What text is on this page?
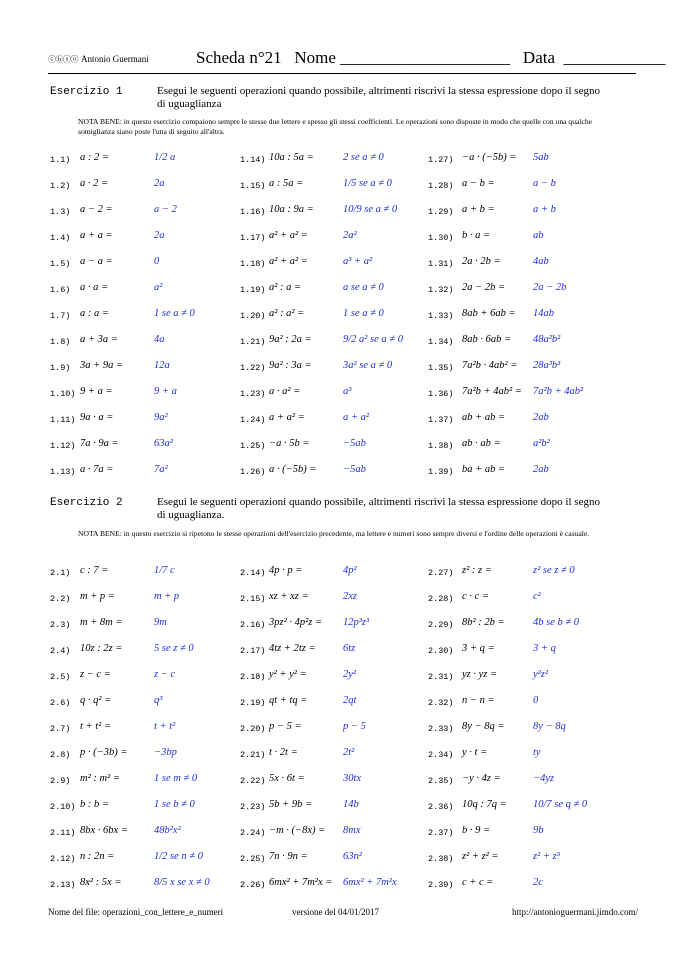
ⓒⓑⓢⓞ Antonio Guermani	Scheda n°21   Nome ____________________   Data  ____________
Esercizio 1	Esegui le seguenti operazioni quando possibile, altrimenti riscrivi la stessa espressione dopo il segno di uguaglianza
NOTA BENE: in questo esercizio compaiono sempre le stesse due lettere e spesso gli stessi coefficienti. Le operazioni sono disposte in modo che quelle con una qualche somiglianza siano poste l'una di seguito all'altra.
1.1) a : 2 =	1/2 a
1.2) a · 2 =	2a
1.3) a − 2 =	a − 2
1.4) a + a =	2a
1.5) a − a =	0
1.6) a · a =	a²
1.7) a : a =	1 se a ≠ 0
1.8) a + 3a =	4a
1.9) 3a + 9a =	12a
1.10) 9 + a =	9 + a
1.11) 9a · a =	9a²
1.12) 7a · 9a =	63a²
1.13) a · 7a =	7a²
1.14) 10a : 5a =	2 se a ≠ 0
1.15) a : 5a =	1/5 se a ≠ 0
1.16) 10a : 9a =	10/9 se a ≠ 0
1.17) a² + a² =	2a²
1.18) a² + a² =	a³ + a²
1.19) a² : a =	a se a ≠ 0
1.20) a² : a² =	1 se a ≠ 0
1.21) 9a² : 2a =	9/2 a² se a ≠ 0
1.22) 9a² : 3a =	3a² se a ≠ 0
1.23) a · a² =	a³
1.24) a + a² =	a + a²
1.25) −a · 5b =	−5ab
1.26) a · (−5b) =	−5ab
1.27) −a · (−5b) = 5ab
1.28) a − b =	a − b
1.29) a + b =	a + b
1.30) b · a =	ab
1.31) 2a · 2b =	4ab
1.32) 2a − 2b =	2a − 2b
1.33) 8ab + 6ab = 14ab
1.34) 8ab · 6ab = 48a²b²
1.35) 7a²b · 4ab² = 28a³b³
1.36) 7a²b + 4ab² = 7a²b + 4ab²
1.37) ab + ab =	2ab
1.38) ab · ab =	a²b²
1.39) ba + ab =	2ab
Esercizio 2	Esegui le seguenti operazioni quando possibile, altrimenti riscrivi la stessa espressione dopo il segno di uguaglianza.
NOTA BENE: in questo esercizio si ripetono le stesse operazioni dell'esercizio precedente, ma lettere e numeri sono sempre diversi e l'ordine delle operazioni è casuale.
2.1) c : 7 =	1/7 c
2.2) m + p =	m + p
2.3) m + 8m =	9m
2.4) 10z : 2z =	5 se z ≠ 0
2.5) z − c =	z − c
2.6) q · q² =	q³
2.7) t + t² =	t + t²
2.8) p · (−3b) =	−3bp
2.9) m² : m² =	1 se m ≠ 0
2.10) b : b =	1 se b ≠ 0
2.11) 8bx · 6bx = 48b²x²
2.12) n : 2n =	1/2 se n ≠ 0
2.13) 8x² : 5x =	8/5 x se x ≠ 0
2.14) 4p · p =	4p²
2.15) xz + xz =	2xz
2.16) 3pz² · 4p²z = 12p³z³
2.17) 4tz + 2tz =	6tz
2.18) y² + y² =	2y²
2.19) qt + tq =	2qt
2.20) p − 5 =	p − 5
2.21) t · 2t =	2t²
2.22) 5x · 6t =	30tx
2.23) 5b + 9b =	14b
2.24) −m · (−8x) = 8mx
2.25) 7n · 9n =	63n²
2.26) 6mx² + 7m²x = 6mx² + 7m²x
2.27) z² : z =	z² se z ≠ 0
2.28) c · c =	c²
2.29) 8b² : 2b =	4b se b ≠ 0
2.30) 3 + q =	3 + q
2.31) yz · yz =	y²z²
2.32) n − n =	0
2.33) 8y − 8q =	8y − 8q
2.34) y · t =	ty
2.35) −y · 4z =	−4yz
2.36) 10q : 7q =	10/7 se q ≠ 0
2.37) b · 9 =	9b
2.38) z² + z² =	z² + z³
2.39) c + c =	2c
Nome del file: operazioni_con_lettere_e_numeri	versione del 04/01/2017	http://antonioguermani.jimdo.com/
